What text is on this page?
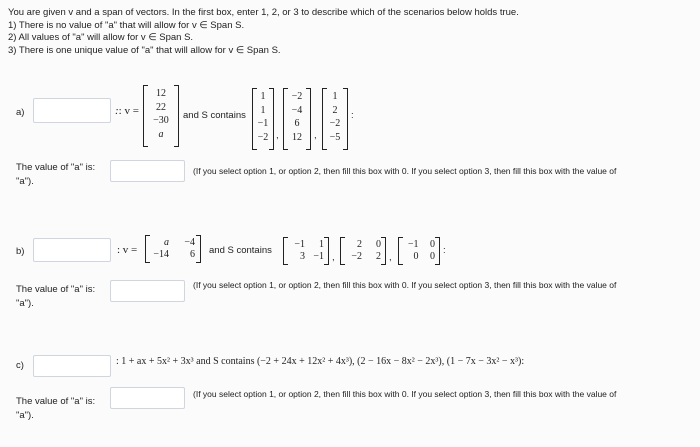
You are given v and a span of vectors. In the first box, enter 1, 2, or 3 to describe which of the scenarios below holds true.
1) There is no value of "a" that will allow for v ∈ Span S.
2) All values of "a" will allow for v ∈ Span S.
3) There is one unique value of "a" that will allow for v ∈ Span S.
a)	:: v =
12
22
−30
a
and S contains
1
1
−1
−2 ,
−2
−4
6
12	,
1
2
−2
−5
:
The value of "a" is:
"a").
(If you select option 1, or option 2, then fill this box with 0. If you select option 3, then fill this box with the value of
b)	: v =
a	−4
−14	6 and S contains
−1	1
3 −1 ,
2	0
−2	2 ,
−1	0
0	0
:
The value of "a" is:
"a").
(If you select option 1, or option 2, then fill this box with 0. If you select option 3, then fill this box with the value of
c)	: 1 + ax + 5x² + 3x³ and S contains (−2 + 24x + 12x² + 4x³), (2 − 16x − 8x² − 2x³), (1 − 7x − 3x² − x³):
The value of "a" is:
"a").
(If you select option 1, or option 2, then fill this box with 0. If you select option 3, then fill this box with the value of
